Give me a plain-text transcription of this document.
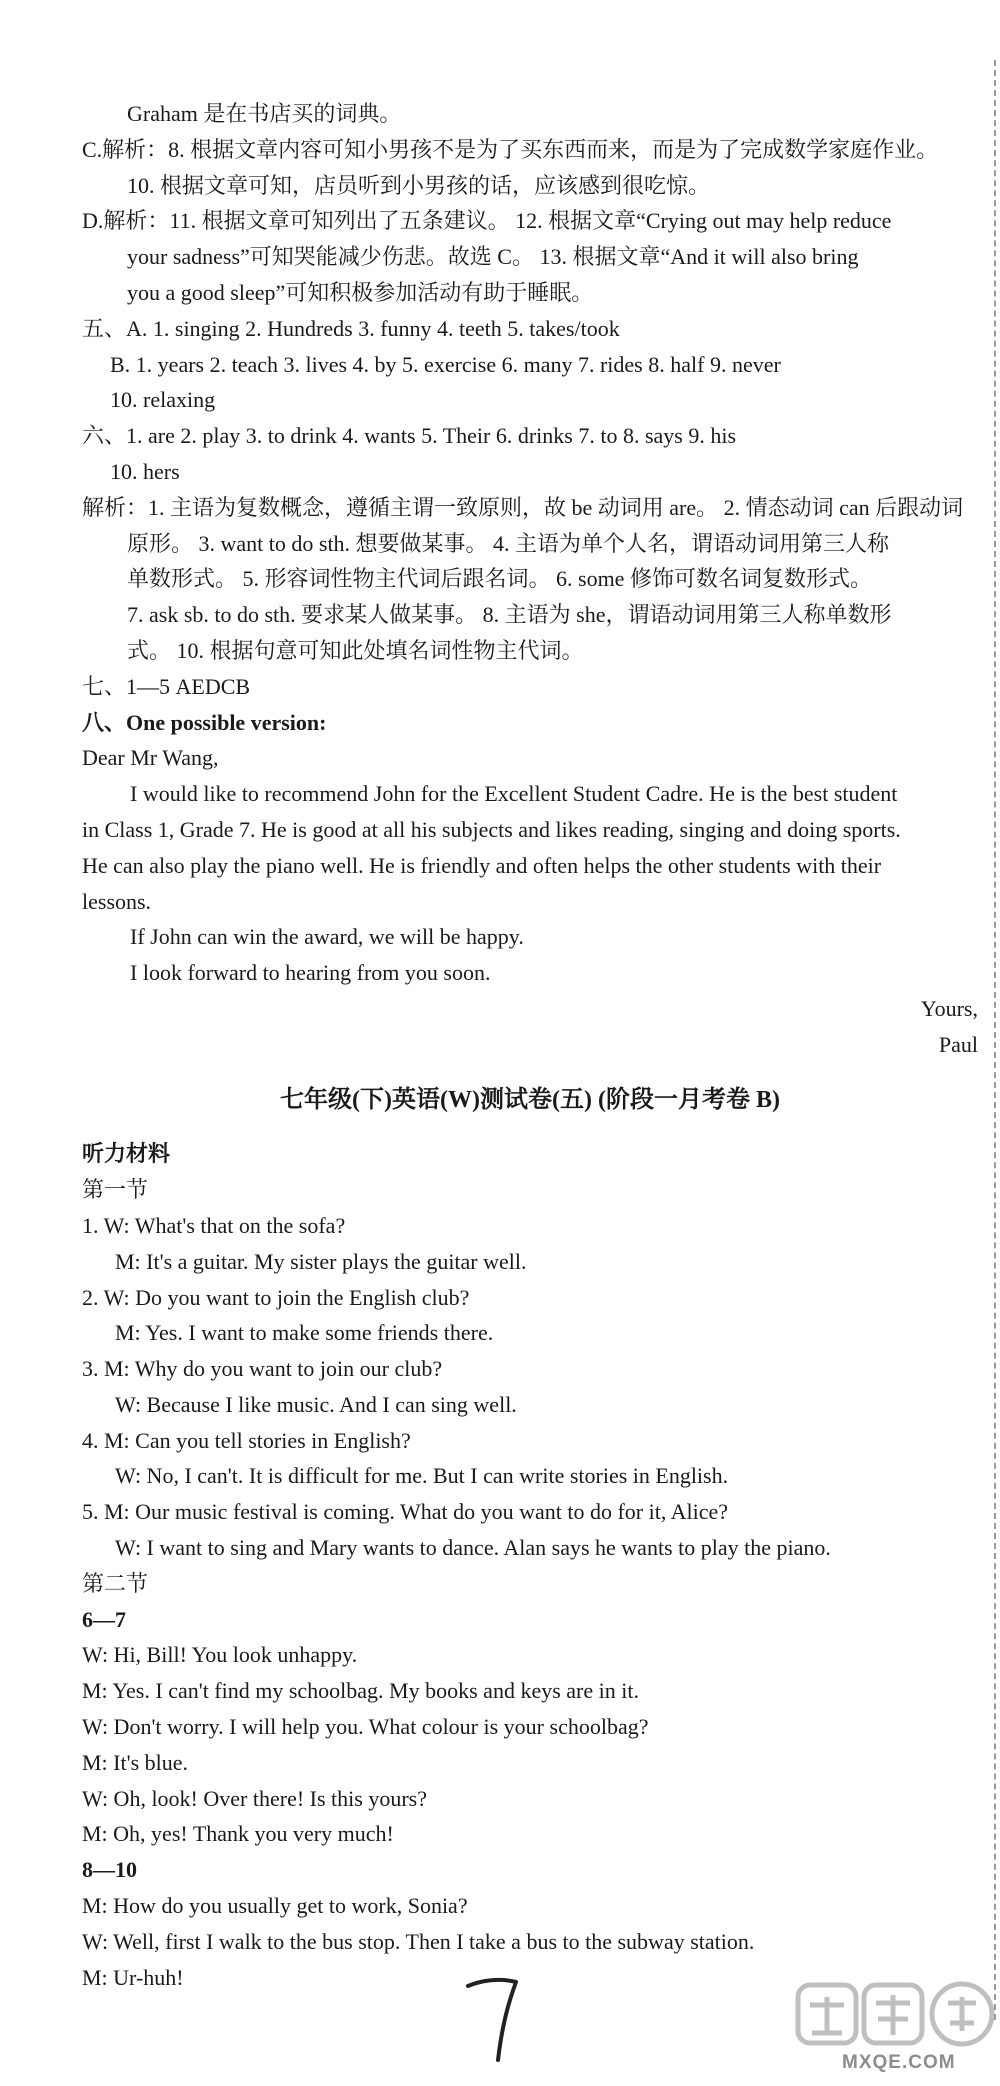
Graham 是在书店买的词典。
C.解析：8. 根据文章内容可知小男孩不是为了买东西而来，而是为了完成数学家庭作业。
10. 根据文章可知，店员听到小男孩的话，应该感到很吃惊。
D.解析：11. 根据文章可知列出了五条建议。 12. 根据文章“Crying out may help reduce
your sadness”可知哭能减少伤悲。故选 C。 13. 根据文章“And it will also bring
you a good sleep”可知积极参加活动有助于睡眠。
五、A. 1. singing 2. Hundreds 3. funny 4. teeth 5. takes/took
B. 1. years 2. teach 3. lives 4. by 5. exercise 6. many 7. rides 8. half 9. never
10. relaxing
六、1. are 2. play 3. to drink 4. wants 5. Their 6. drinks 7. to 8. says 9. his
10. hers
解析：1. 主语为复数概念，遵循主谓一致原则，故 be 动词用 are。 2. 情态动词 can 后跟动词
原形。 3. want to do sth. 想要做某事。 4. 主语为单个人名，谓语动词用第三人称
单数形式。 5. 形容词性物主代词后跟名词。 6. some 修饰可数名词复数形式。
7. ask sb. to do sth. 要求某人做某事。 8. 主语为 she，谓语动词用第三人称单数形
式。 10. 根据句意可知此处填名词性物主代词。
七、1—5 AEDCB
八、One possible version:
Dear Mr Wang,
I would like to recommend John for the Excellent Student Cadre. He is the best student
in Class 1, Grade 7. He is good at all his subjects and likes reading, singing and doing sports.
He can also play the piano well. He is friendly and often helps the other students with their
lessons.
If John can win the award, we will be happy.
I look forward to hearing from you soon.
Yours,
Paul
七年级(下)英语(W)测试卷(五) (阶段一月考卷 B)
听力材料
第一节
1. W: What's that on the sofa?
M: It's a guitar. My sister plays the guitar well.
2. W: Do you want to join the English club?
M: Yes. I want to make some friends there.
3. M: Why do you want to join our club?
W: Because I like music. And I can sing well.
4. M: Can you tell stories in English?
W: No, I can't. It is difficult for me. But I can write stories in English.
5. M: Our music festival is coming. What do you want to do for it, Alice?
W: I want to sing and Mary wants to dance. Alan says he wants to play the piano.
第二节
6—7
W: Hi, Bill! You look unhappy.
M: Yes. I can't find my schoolbag. My books and keys are in it.
W: Don't worry. I will help you. What colour is your schoolbag?
M: It's blue.
W: Oh, look! Over there! Is this yours?
M: Oh, yes! Thank you very much!
8—10
M: How do you usually get to work, Sonia?
W: Well, first I walk to the bus stop. Then I take a bus to the subway station.
M: Ur-huh!
MXQE.COM
